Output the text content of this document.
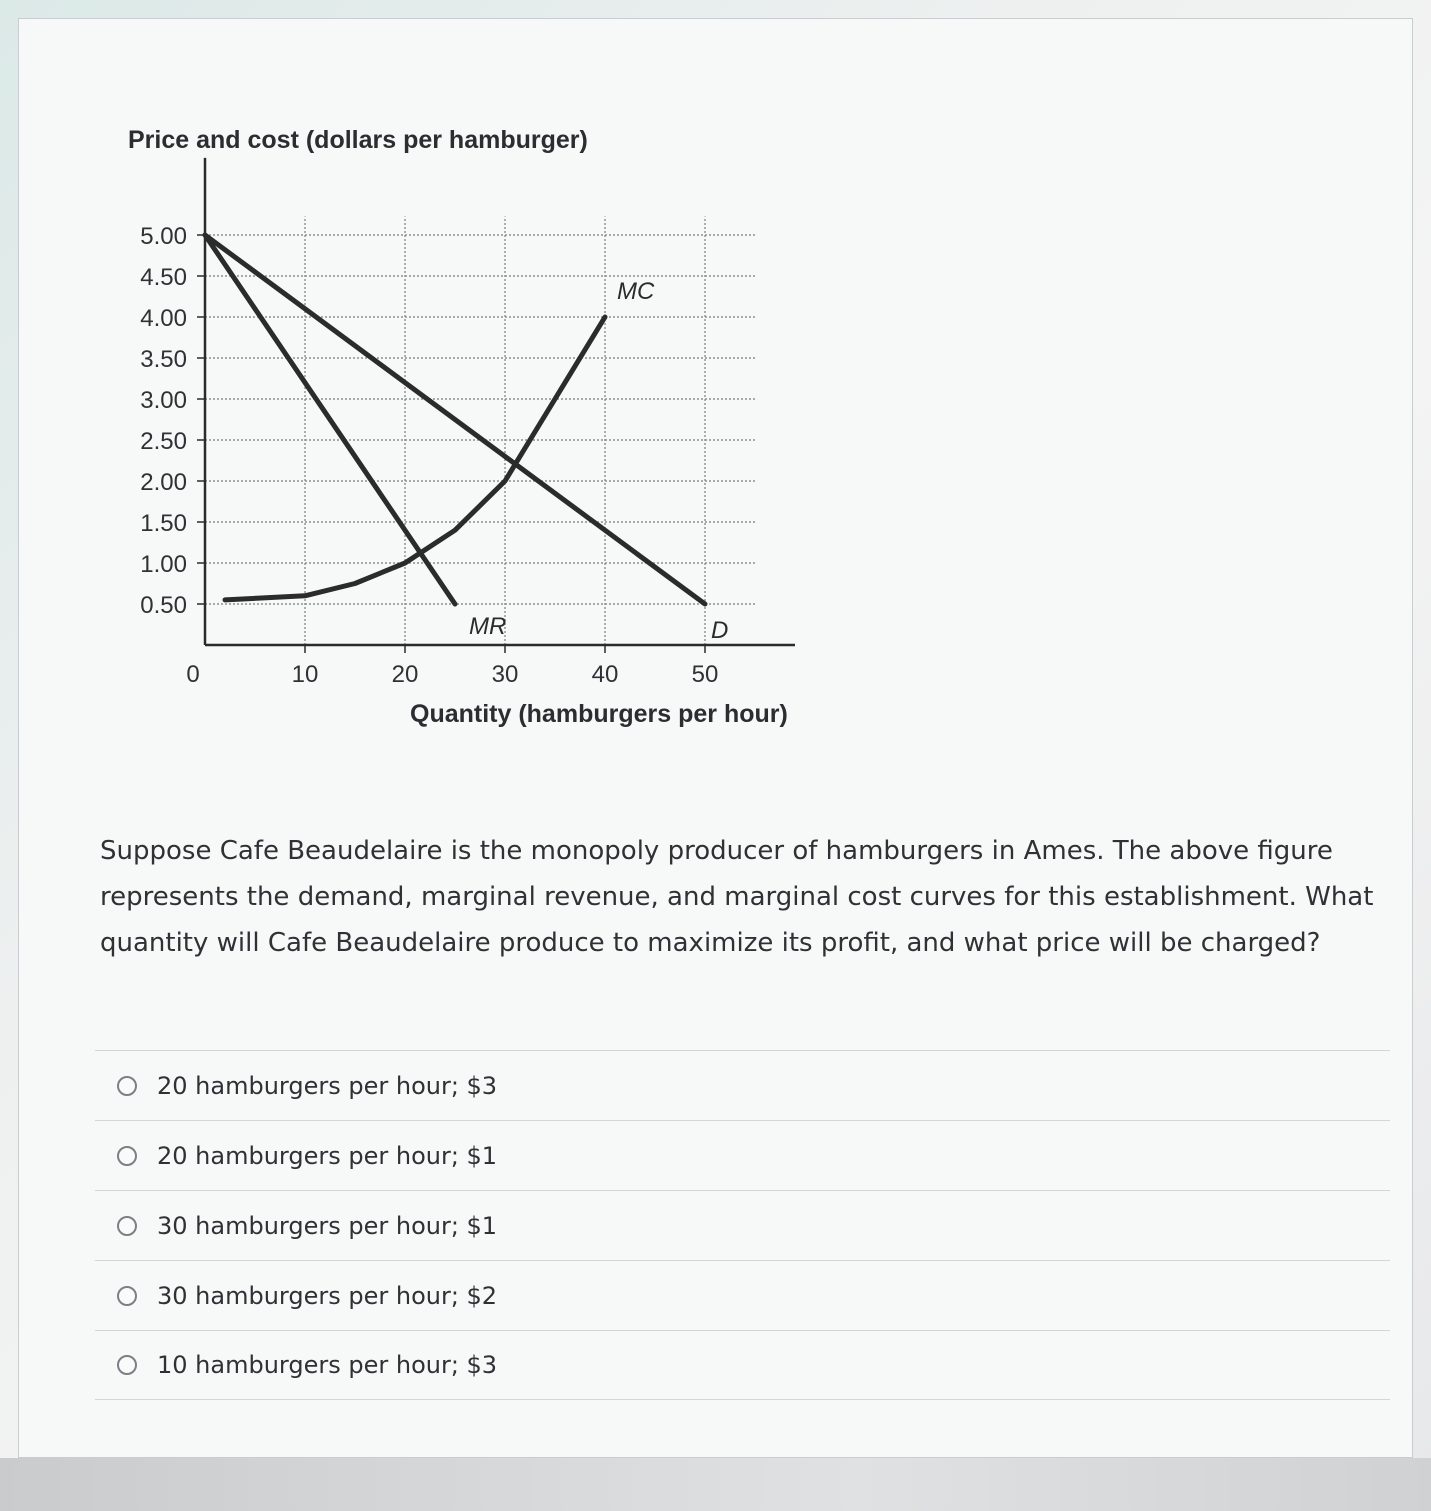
Price and cost (dollars per hamburger)
Quantity (hamburgers per hour)
5.00
4.50
4.00
3.50
3.00
2.50
2.00
1.50
1.00
0.50
0	10	20	30	40	50
D
MR
MC
Suppose Cafe Beaudelaire is the monopoly producer of hamburgers in Ames. The above figure represents the demand, marginal revenue, and marginal cost curves for this establishment. What quantity will Cafe Beaudelaire produce to maximize its profit, and what price will be charged?
20 hamburgers per hour; $3
20 hamburgers per hour; $1
30 hamburgers per hour; $1
30 hamburgers per hour; $2
10 hamburgers per hour; $3
